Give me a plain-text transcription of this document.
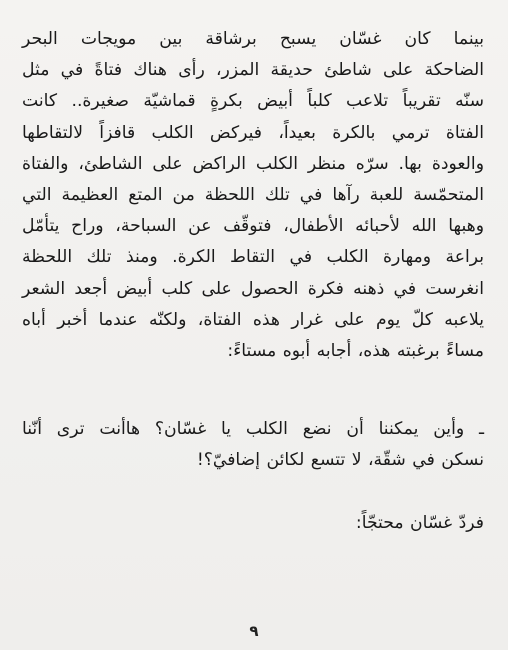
بينما كان غسّان يسبح برشاقة بين مويجات البحر
الضاحكة على شاطئ حديقة المزر، رأى هناك فتاةً في مثل
سنّه تقريباً تلاعب كلباً أبيض بكرةٍ قماشيّة صغيرة.. كانت
الفتاة ترمي بالكرة بعيداً، فيركض الكلب قافزاً لالتقاطها
والعودة بها. سرّه منظر الكلب الراكض على الشاطئ، والفتاة
المتحمّسة للعبة رآها في تلك اللحظة من المتع العظيمة التي
وهبها الله لأحبائه الأطفال، فتوقّف عن السباحة، وراح يتأمّل
براعة ومهارة الكلب في التقاط الكرة. ومنذ تلك اللحظة
انغرست في ذهنه فكرة الحصول على كلب أبيض أجعد الشعر
يلاعبه كلّ يوم على غرار هذه الفتاة، ولكنّه عندما أخبر أباه
مساءً برغبته هذه، أجابه أبوه مستاءً:
ـ وأين يمكننا أن نضع الكلب يا غسّان؟ هاأنت ترى أنّنا
نسكن في شقّة، لا تتسع لكائن إضافيّ؟!
فردّ غسّان محتجّاً:
٩
